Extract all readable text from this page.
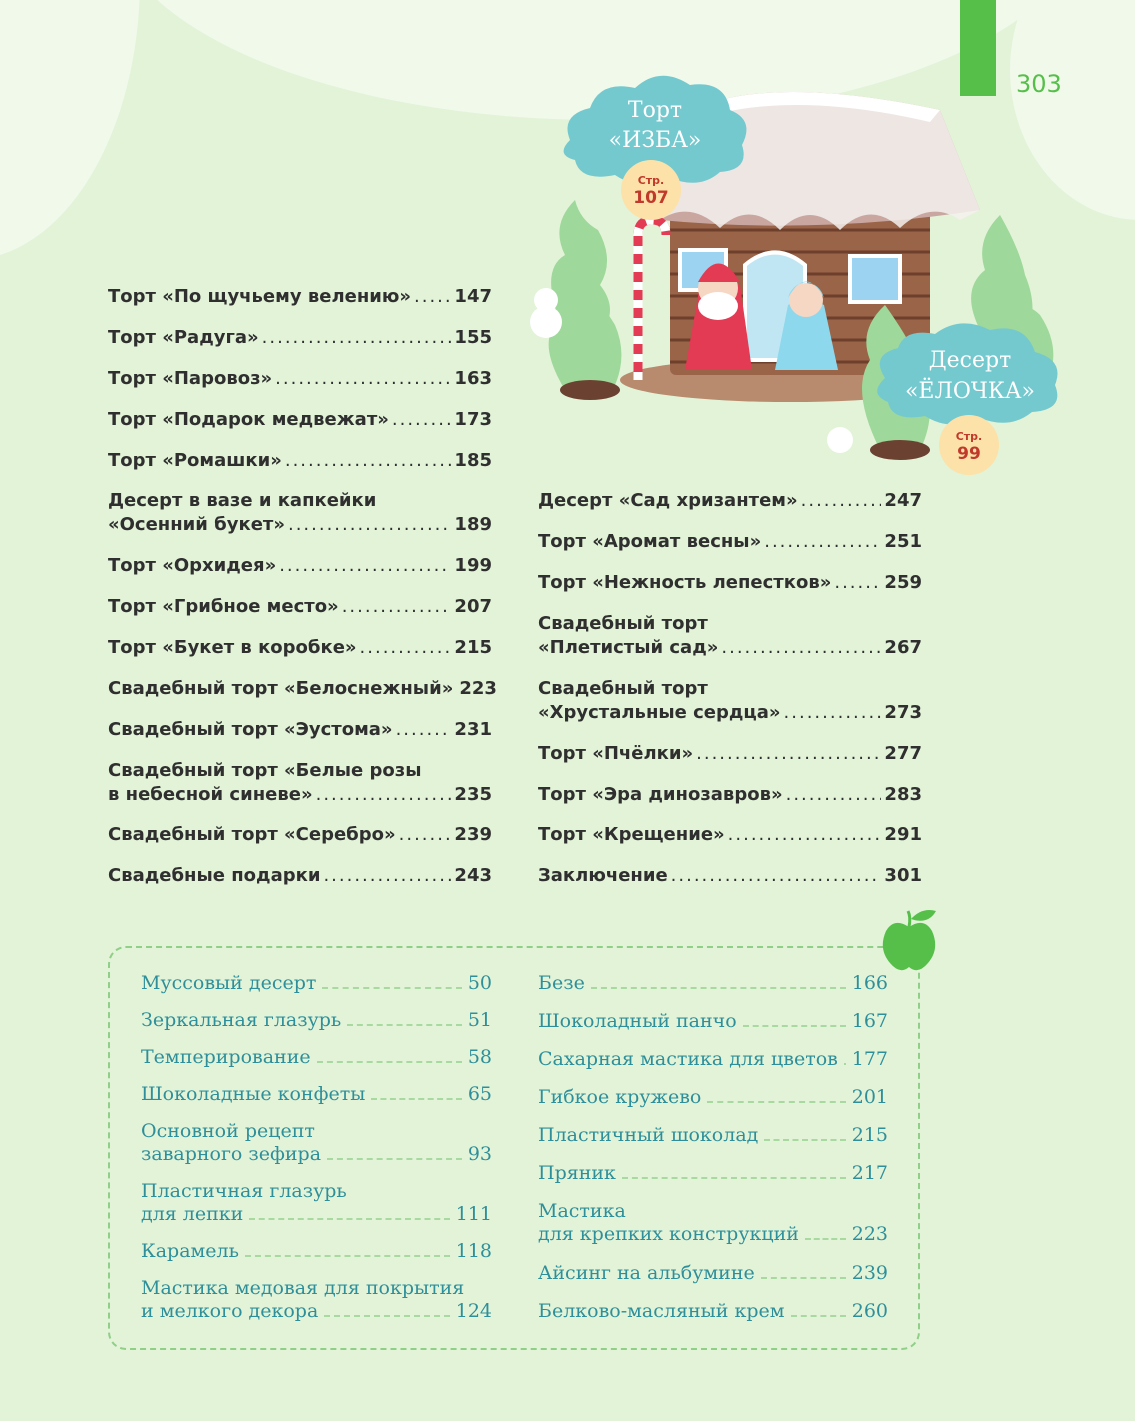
303
Торт
«ИЗБА»
Стр.
107
Десерт
«ЁЛОЧКА»
Стр.
99
Торт «По щучьему велению» ..... 147
Торт «Радуга» .....	155
Торт «Паровоз» .....	163
Торт «Подарок медвежат» .....	173
Торт «Ромашки» .....	185
Десерт в вазе и капкейки
«Осенний букет» .....	189
Торт «Орхидея» .....	199
Торт «Грибное место» .....	207
Торт «Букет в коробке» .....	215
Свадебный торт «Белоснежный» 223
Свадебный торт «Эустома» .....	231
Свадебный торт «Белые розы
в небесной синеве» .....	235
Свадебный торт «Серебро» .....	239
Свадебные подарки .....	243
Десерт «Сад хризантем» .....	247
Торт «Аромат весны» .....	251
Торт «Нежность лепестков» .....	259
Свадебный торт
«Плетистый сад» .....	267
Свадебный торт
«Хрустальные сердца» .....	273
Торт «Пчёлки» .....	277
Торт «Эра динозавров» .....	283
Торт «Крещение» .....	291
Заключение .....	301
Муссовый десерт	50
Зеркальная глазурь	51
Темперирование	58
Шоколадные конфеты	65
Основной рецепт
заварного зефира	93
Пластичная глазурь
для лепки	111
Карамель	118
Мастика медовая для покрытия
и мелкого декора	124
Безе	166
Шоколадный панчо	167
Сахарная мастика для цветов 177
Гибкое кружево	201
Пластичный шоколад	215
Пряник	217
Мастика
для крепких конструкций	223
Айсинг на альбумине	239
Белково-масляный крем	260
